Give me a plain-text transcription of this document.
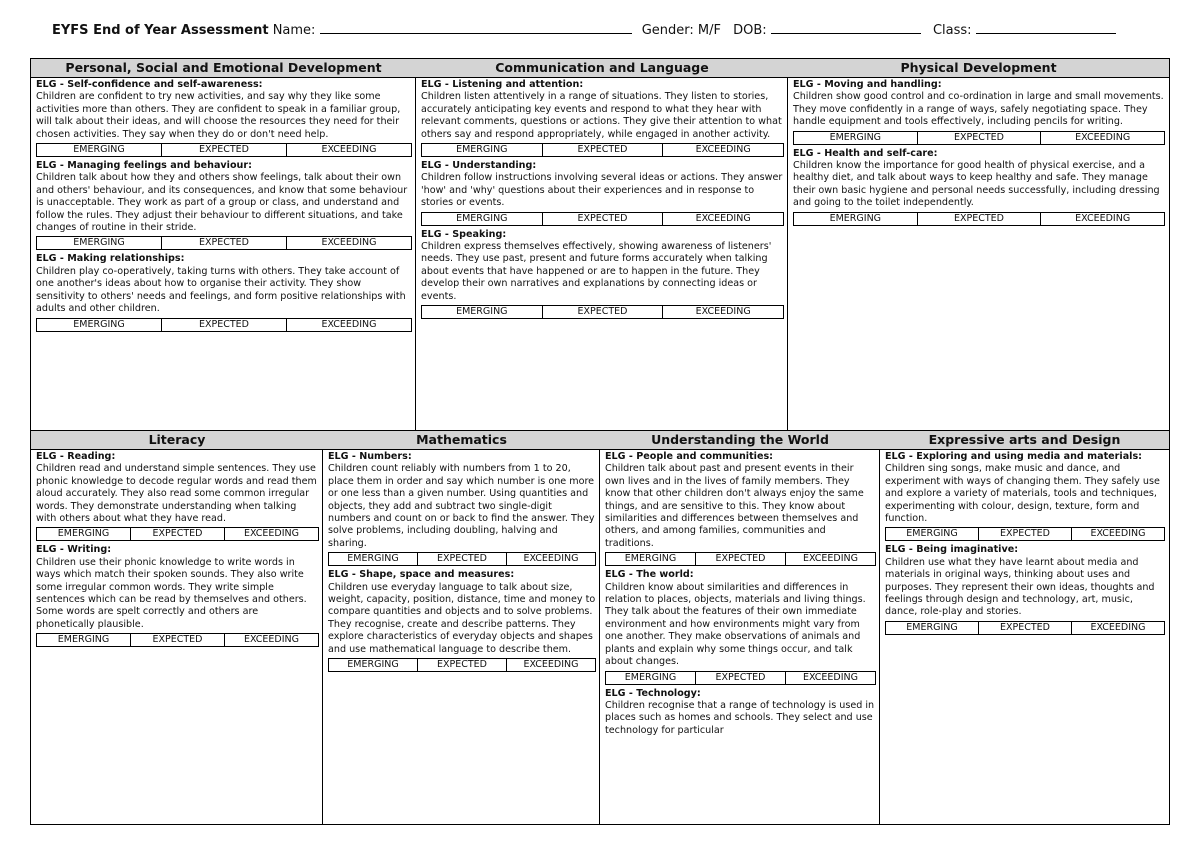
EYFS End of Year Assessment Name:	Gender: M/F DOB:	Class:
Personal, Social and Emotional Development
ELG - Self-confidence and self-awareness:
Children are confident to try new activities, and say why they like some activities more than others. They are confident to speak in a familiar group, will talk about their ideas, and will choose the resources they need for their chosen activities. They say when they do or don't need help.
EMERGING	EXPECTED	EXCEEDING
ELG - Managing feelings and behaviour:
Children talk about how they and others show feelings, talk about their own and others' behaviour, and its consequences, and know that some behaviour is unacceptable. They work as part of a group or class, and understand and follow the rules. They adjust their behaviour to different situations, and take changes of routine in their stride.
EMERGING	EXPECTED	EXCEEDING
ELG - Making relationships:
Children play co-operatively, taking turns with others. They take account of one another's ideas about how to organise their activity. They show sensitivity to others' needs and feelings, and form positive relationships with adults and other children.
EMERGING	EXPECTED	EXCEEDING
Communication and Language
ELG - Listening and attention:
Children listen attentively in a range of situations. They listen to stories, accurately anticipating key events and respond to what they hear with relevant comments, questions or actions. They give their attention to what others say and respond appropriately, while engaged in another activity.
EMERGING	EXPECTED	EXCEEDING
ELG - Understanding:
Children follow instructions involving several ideas or actions. They answer 'how' and 'why' questions about their experiences and in response to stories or events.
EMERGING	EXPECTED	EXCEEDING
ELG - Speaking:
Children express themselves effectively, showing awareness of listeners' needs. They use past, present and future forms accurately when talking about events that have happened or are to happen in the future. They develop their own narratives and explanations by connecting ideas or events.
EMERGING	EXPECTED	EXCEEDING
Physical Development
ELG - Moving and handling:
Children show good control and co-ordination in large and small movements. They move confidently in a range of ways, safely negotiating space. They handle equipment and tools effectively, including pencils for writing.
EMERGING	EXPECTED	EXCEEDING
ELG - Health and self-care:
Children know the importance for good health of physical exercise, and a healthy diet, and talk about ways to keep healthy and safe. They manage their own basic hygiene and personal needs successfully, including dressing and going to the toilet independently.
EMERGING	EXPECTED	EXCEEDING
Literacy
ELG - Reading:
Children read and understand simple sentences. They use phonic knowledge to decode regular words and read them aloud accurately. They also read some common irregular words. They demonstrate understanding when talking with others about what they have read.
EMERGING	EXPECTED	EXCEEDING
ELG - Writing:
Children use their phonic knowledge to write words in ways which match their spoken sounds. They also write some irregular common words. They write simple sentences which can be read by themselves and others. Some words are spelt correctly and others are phonetically plausible.
EMERGING	EXPECTED	EXCEEDING
Mathematics
ELG - Numbers:
Children count reliably with numbers from 1 to 20, place them in order and say which number is one more or one less than a given number. Using quantities and objects, they add and subtract two single-digit numbers and count on or back to find the answer. They solve problems, including doubling, halving and sharing.
EMERGING	EXPECTED	EXCEEDING
ELG - Shape, space and measures:
Children use everyday language to talk about size, weight, capacity, position, distance, time and money to compare quantities and objects and to solve problems. They recognise, create and describe patterns. They explore characteristics of everyday objects and shapes and use mathematical language to describe them.
EMERGING	EXPECTED	EXCEEDING
Understanding the World
ELG - People and communities:
Children talk about past and present events in their own lives and in the lives of family members. They know that other children don't always enjoy the same things, and are sensitive to this. They know about similarities and differences between themselves and others, and among families, communities and traditions.
EMERGING	EXPECTED	EXCEEDING
ELG - The world:
Children know about similarities and differences in relation to places, objects, materials and living things. They talk about the features of their own immediate environment and how environments might vary from one another. They make observations of animals and plants and explain why some things occur, and talk about changes.
EMERGING	EXPECTED	EXCEEDING
ELG - Technology:
Children recognise that a range of technology is used in places such as homes and schools. They select and use technology for particular
Expressive arts and Design
ELG - Exploring and using media and materials:
Children sing songs, make music and dance, and experiment with ways of changing them. They safely use and explore a variety of materials, tools and techniques, experimenting with colour, design, texture, form and function.
EMERGING	EXPECTED	EXCEEDING
ELG - Being imaginative:
Children use what they have learnt about media and materials in original ways, thinking about uses and purposes. They represent their own ideas, thoughts and feelings through design and technology, art, music, dance, role-play and stories.
EMERGING	EXPECTED	EXCEEDING
